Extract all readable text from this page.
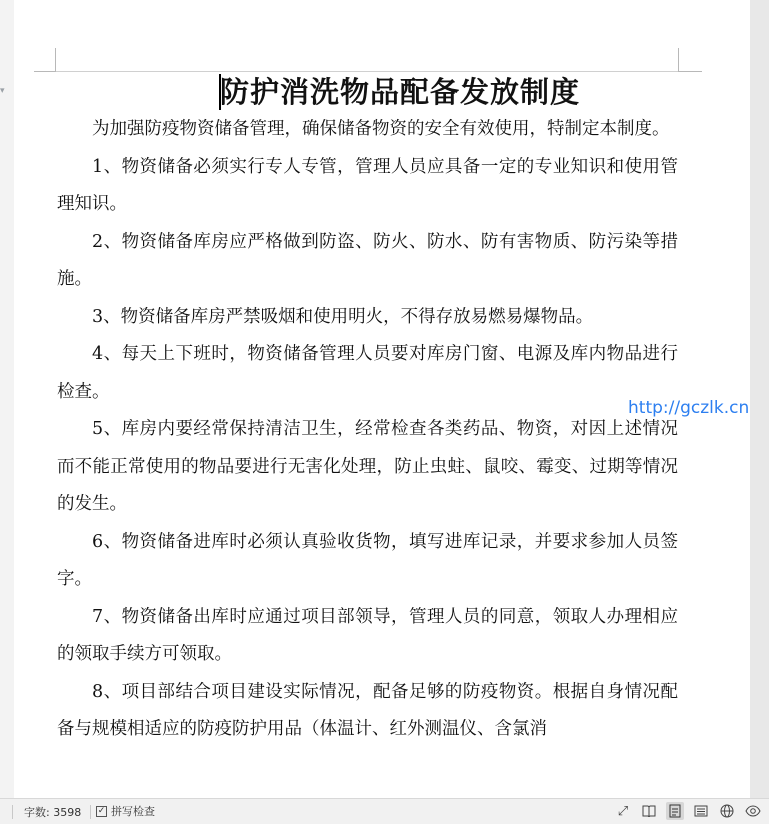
▾	防护消洗物品配备发放制度

为加强防疫物资储备管理，确保储备物资的安全有效使用，特制定本制度。

1、物资储备必须实行专人专管，管理人员应具备一定的专业知识和使用管理知识。

2、物资储备库房应严格做到防盗、防火、防水、防有害物质、防污染等措施。

3、物资储备库房严禁吸烟和使用明火，不得存放易燃易爆物品。

4、每天上下班时，物资储备管理人员要对库房门窗、电源及库内物品进行检查。

5、库房内要经常保持清洁卫生，经常检查各类药品、物资，对因上述情况而不能正常使用的物品要进行无害化处理，防止虫蛀、鼠咬、霉变、过期等情况的发生。

6、物资储备进库时必须认真验收货物，填写进库记录，并要求参加人员签字。

7、物资储备出库时应通过项目部领导，管理人员的同意，领取人办理相应的领取手续方可领取。

8、项目部结合项目建设实际情况，配备足够的防疫物资。根据自身情况配备与规模相适应的防疫防护用品（体温计、红外测温仪、含氯消

http://gczlk.cn
字数: 3598 ✓ 拼写检查	⤢
